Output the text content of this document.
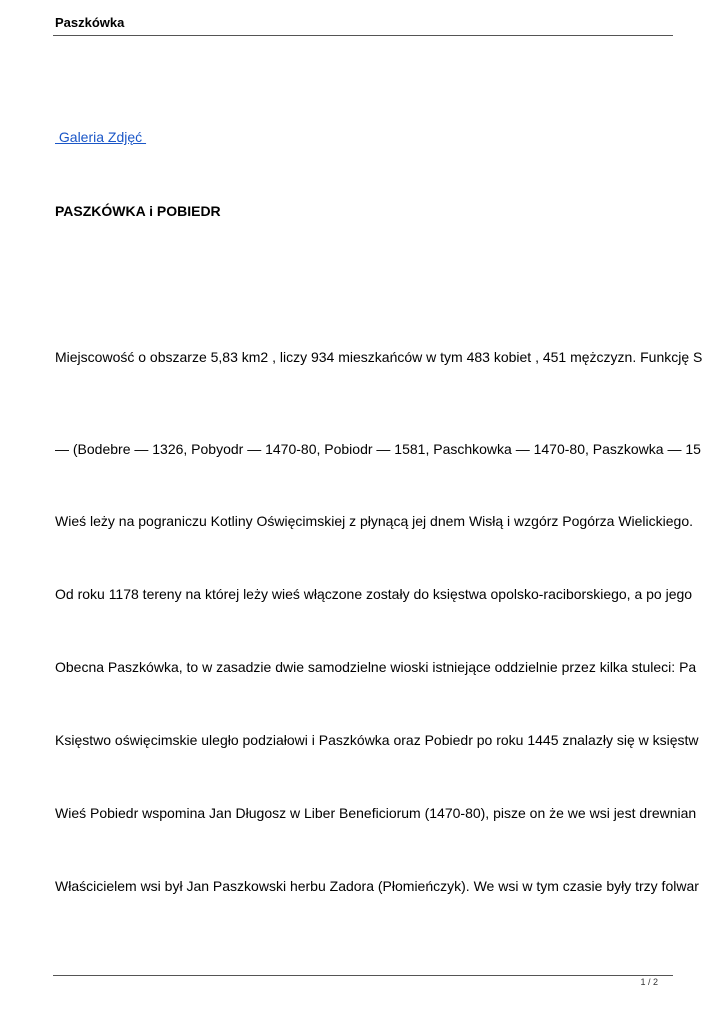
Paszkówka
Galeria Zdjęć
PASZKÓWKA i POBIEDR
Miejscowość o obszarze 5,83 km2 , liczy 934 mieszkańców w tym 483 kobiet , 451 mężczyzn. Funkcję S
— (Bodebre — 1326, Pobyodr — 1470-80, Pobiodr — 1581, Paschkowka — 1470-80, Paszkowka — 15
Wieś leży na pograniczu Kotliny Oświęcimskiej z płynącą jej dnem Wisłą i wzgórz Pogórza Wielickiego.
Od roku 1178 tereny na której leży wieś włączone zostały do księstwa opolsko-raciborskiego, a po jego
Obecna Paszkówka, to w zasadzie dwie samodzielne wioski istniejące oddzielnie przez kilka stuleci: Pa
Księstwo oświęcimskie uległo podziałowi i Paszkówka oraz Pobiedr po roku 1445 znalazły się w księstw
Wieś Pobiedr wspomina Jan Długosz w Liber Beneficiorum (1470-80), pisze on że we wsi jest drewnian
Właścicielem wsi był Jan Paszkowski herbu Zadora (Płomieńczyk). We wsi w tym czasie były trzy folwar
1 / 2
